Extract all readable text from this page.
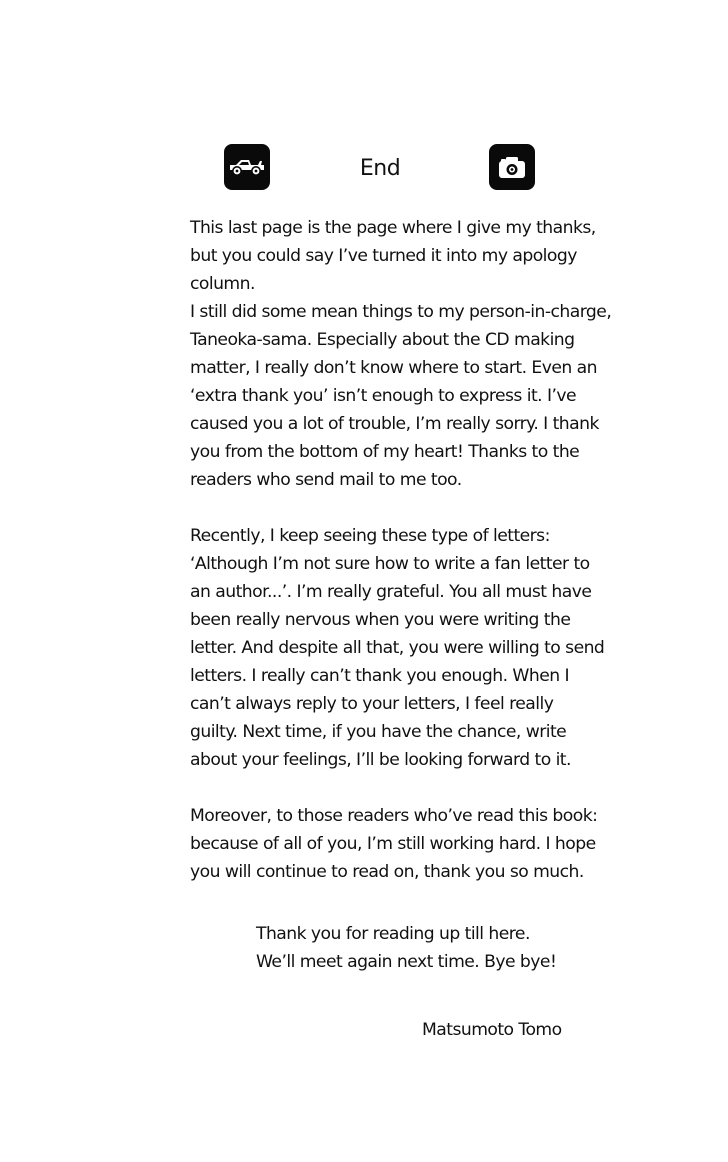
End
This last page is the page where I give my thanks,
but you could say I’ve turned it into my apology
column.
I still did some mean things to my person-in-charge,
Taneoka-sama. Especially about the CD making
matter, I really don’t know where to start. Even an
‘extra thank you’ isn’t enough to express it. I’ve
caused you a lot of trouble, I’m really sorry. I thank
you from the bottom of my heart! Thanks to the
readers who send mail to me too.
Recently, I keep seeing these type of letters:
‘Although I’m not sure how to write a fan letter to
an author...’. I’m really grateful. You all must have
been really nervous when you were writing the
letter. And despite all that, you were willing to send
letters. I really can’t thank you enough. When I
can’t always reply to your letters, I feel really
guilty. Next time, if you have the chance, write
about your feelings, I’ll be looking forward to it.
Moreover, to those readers who’ve read this book:
because of all of you, I’m still working hard. I hope
you will continue to read on, thank you so much.
Thank you for reading up till here.
We’ll meet again next time. Bye bye!
Matsumoto Tomo
